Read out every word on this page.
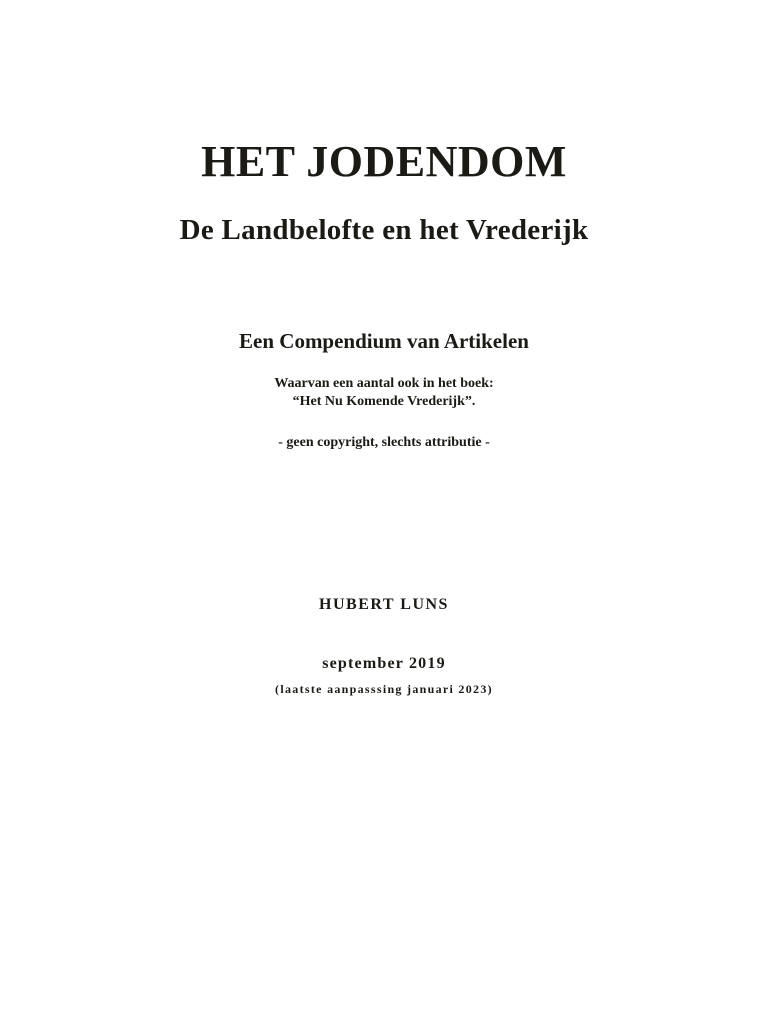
HET JODENDOM
De Landbelofte en het Vrederijk

Een Compendium van Artikelen

Waarvan een aantal ook in het boek:

“Het Nu Komende Vrederijk”.

- geen copyright, slechts attributie -

HUBERT LUNS

september 2019

(laatste aanpasssing januari 2023)
